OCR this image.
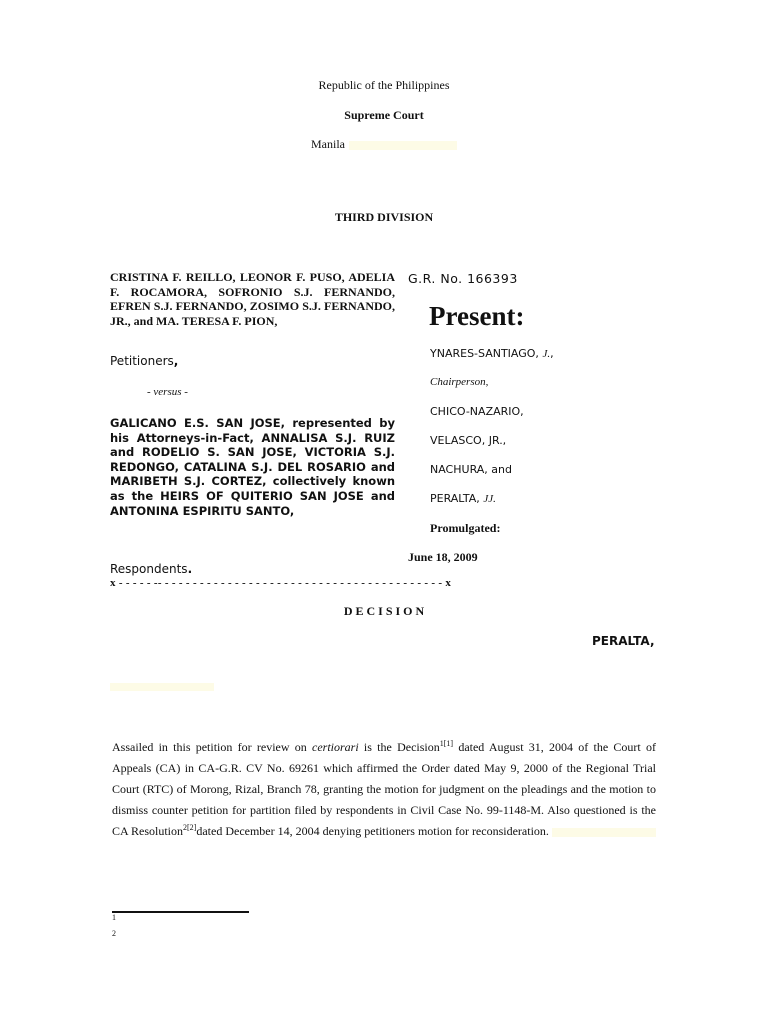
Republic of the Philippines
Supreme Court
Manila
THIRD DIVISION
CRISTINA F. REILLO, LEONOR F. PUSO, ADELIA F. ROCAMORA, SOFRONIO S.J. FERNANDO, EFREN S.J. FERNANDO, ZOSIMO S.J. FERNANDO, JR., and MA. TERESA F. PION,
Petitioners,
- versus -
GALICANO E.S. SAN JOSE, represented by his Attorneys-in-Fact, ANNALISA S.J. RUIZ and RODELIO S. SAN JOSE, VICTORIA S.J. REDONGO, CATALINA S.J. DEL ROSARIO and MARIBETH S.J. CORTEZ, collectively known as the HEIRS OF QUITERIO SAN JOSE and ANTONINA ESPIRITU SANTO,
Respondents.
G.R. No. 166393
Present:
YNARES-SANTIAGO, J.,
Chairperson,
CHICO-NAZARIO,
VELASCO, JR.,
NACHURA, and
PERALTA, JJ.
Promulgated:
June 18, 2009
x - - - - - -- - - - - - - - - - - - - - - - - - - - - - - - - - - - - - - - - - - - - - - - - x
D E C I S I O N
PERALTA,
Assailed in this petition for review on certiorari is the Decision$^{1[1]}$ dated August 31, 2004 of the Court of Appeals (CA) in CA-G.R. CV No. 69261 which affirmed the Order dated May 9, 2000 of the Regional Trial Court (RTC) of Morong, Rizal, Branch 78, granting the motion for judgment on the pleadings and the motion to dismiss counter petition for partition filed by respondents in Civil Case No. 99-1148-M. Also questioned is the CA Resolution$^{2[2]}$dated December 14, 2004 denying petitioners motion for reconsideration.
1
2
